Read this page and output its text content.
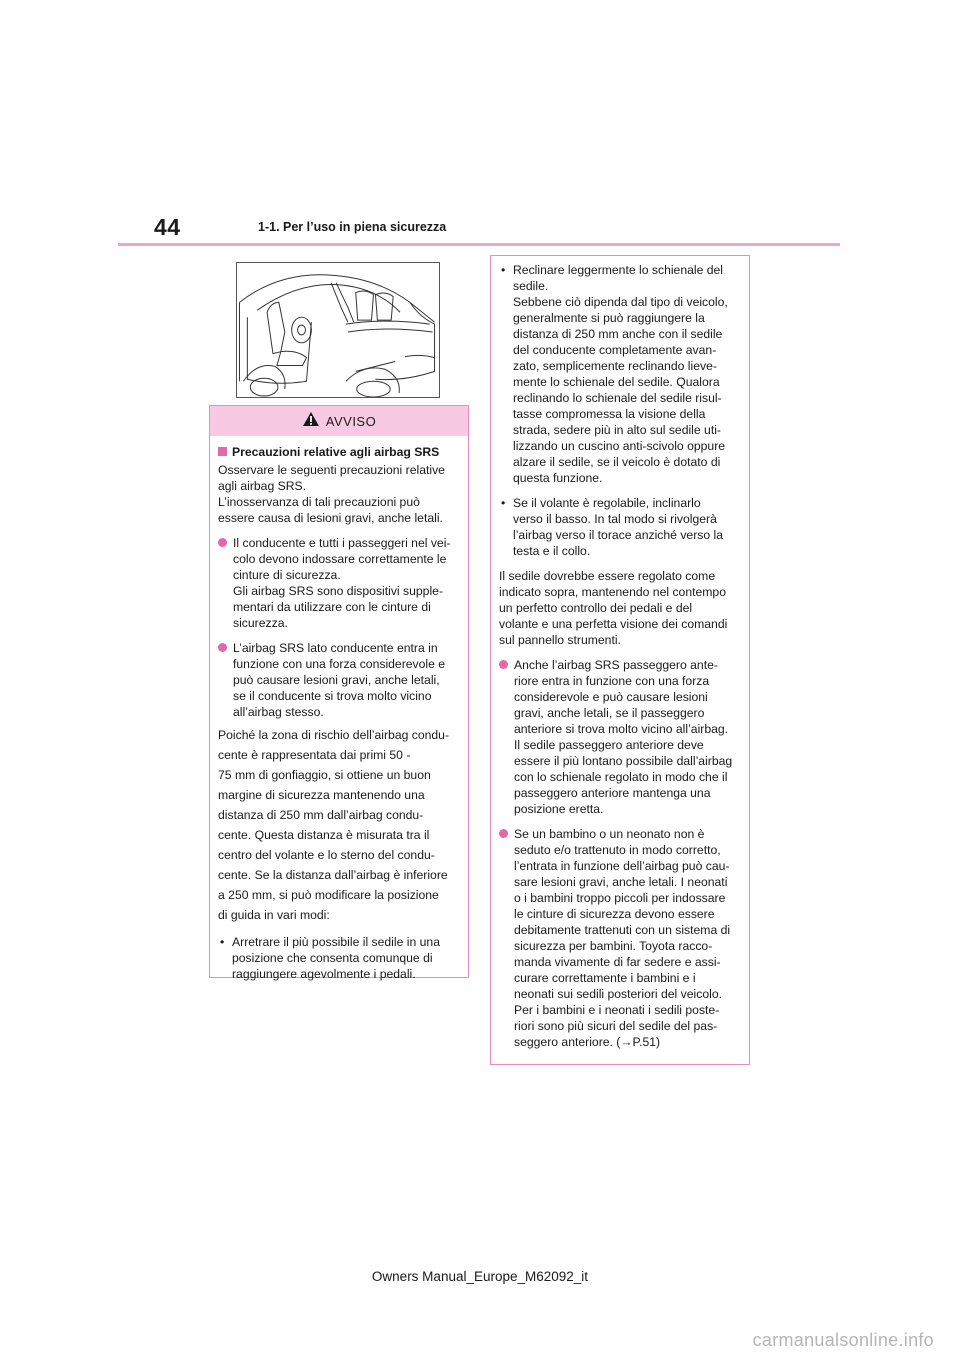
44	1-1. Per l’uso in piena sicurezza
AVVISO
Precauzioni relative agli airbag SRS
Osservare le seguenti precauzioni relative
agli airbag SRS.
L’inosservanza di tali precauzioni può
essere causa di lesioni gravi, anche letali.
Il conducente e tutti i passeggeri nel vei-
colo devono indossare correttamente le
cinture di sicurezza.
Gli airbag SRS sono dispositivi supple-
mentari da utilizzare con le cinture di
sicurezza.
L’airbag SRS lato conducente entra in
funzione con una forza considerevole e
può causare lesioni gravi, anche letali,
se il conducente si trova molto vicino
all’airbag stesso.
Poiché la zona di rischio dell’airbag condu-
cente è rappresentata dai primi 50 -
75 mm di gonfiaggio, si ottiene un buon
margine di sicurezza mantenendo una
distanza di 250 mm dall’airbag condu-
cente. Questa distanza è misurata tra il
centro del volante e lo sterno del condu-
cente. Se la distanza dall’airbag è inferiore
a 250 mm, si può modificare la posizione
di guida in vari modi:
• Arretrare il più possibile il sedile in una
posizione che consenta comunque di
raggiungere agevolmente i pedali.
• Reclinare leggermente lo schienale del
sedile.
Sebbene ciò dipenda dal tipo di veicolo,
generalmente si può raggiungere la
distanza di 250 mm anche con il sedile
del conducente completamente avan-
zato, semplicemente reclinando lieve-
mente lo schienale del sedile. Qualora
reclinando lo schienale del sedile risul-
tasse compromessa la visione della
strada, sedere più in alto sul sedile uti-
lizzando un cuscino anti-scivolo oppure
alzare il sedile, se il veicolo è dotato di
questa funzione.
• Se il volante è regolabile, inclinarlo
verso il basso. In tal modo si rivolgerà
l’airbag verso il torace anziché verso la
testa e il collo.
Il sedile dovrebbe essere regolato come
indicato sopra, mantenendo nel contempo
un perfetto controllo dei pedali e del
volante e una perfetta visione dei comandi
sul pannello strumenti.
Anche l’airbag SRS passeggero ante-
riore entra in funzione con una forza
considerevole e può causare lesioni
gravi, anche letali, se il passeggero
anteriore si trova molto vicino all’airbag.
Il sedile passeggero anteriore deve
essere il più lontano possibile dall’airbag
con lo schienale regolato in modo che il
passeggero anteriore mantenga una
posizione eretta.
Se un bambino o un neonato non è
seduto e/o trattenuto in modo corretto,
l’entrata in funzione dell’airbag può cau-
sare lesioni gravi, anche letali. I neonati
o i bambini troppo piccoli per indossare
le cinture di sicurezza devono essere
debitamente trattenuti con un sistema di
sicurezza per bambini. Toyota racco-
manda vivamente di far sedere e assi-
curare correttamente i bambini e i
neonati sui sedili posteriori del veicolo.
Per i bambini e i neonati i sedili poste-
riori sono più sicuri del sedile del pas-
seggero anteriore. (→P.51)
Owners Manual_Europe_M62092_it
carmanualsonline.info
